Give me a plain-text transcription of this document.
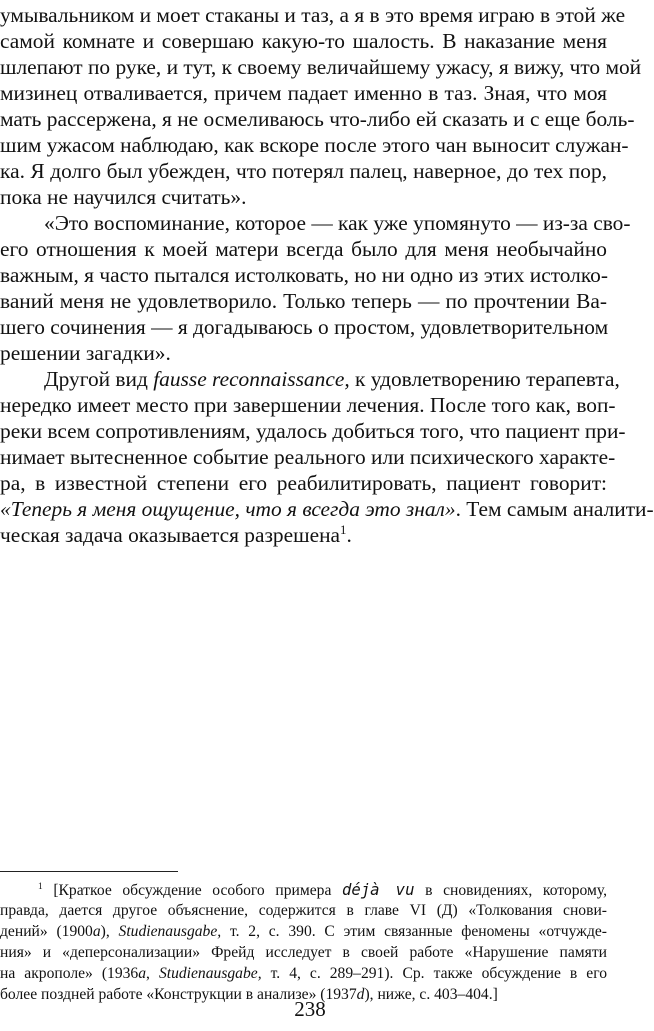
умывальником и моет стаканы и таз, а я в это время играю в этой же
самой комнате и совершаю какую-то шалость. В наказание меня
шлепают по руке, и тут, к своему величайшему ужасу, я вижу, что мой
мизинец отваливается, причем падает именно в таз. Зная, что моя
мать рассержена, я не осмеливаюсь что-либо ей сказать и с еще боль-
шим ужасом наблюдаю, как вскоре после этого чан выносит служан-
ка. Я долго был убежден, что потерял палец, наверное, до тех пор,
пока не научился считать».
«Это воспоминание, которое — как уже упомянуто — из-за сво-
его отношения к моей матери всегда было для меня необычайно
важным, я часто пытался истолковать, но ни одно из этих истолко-
ваний меня не удовлетворило. Только теперь — по прочтении Ва-
шего сочинения — я догадываюсь о простом, удовлетворительном
решении загадки».
Другой вид fausse reconnaissance, к удовлетворению терапевта,
нередко имеет место при завершении лечения. После того как, воп-
реки всем сопротивлениям, удалось добиться того, что пациент при-
нимает вытесненное событие реального или психического характе-
ра, в известной степени его реабилитировать, пациент говорит:
«Теперь я меня ощущение, что я всегда это знал». Тем самым аналити-
ческая задача оказывается разрешена$^1$.
$^1$ [Краткое обсуждение особого примера déjà vu в сновидениях, которому,
правда, дается другое объяснение, содержится в главе VI (Д) «Толкования снови-
дений» (1900a), Studienausgabe, т. 2, с. 390. С этим связанные феномены «отчужде-
ния» и «деперсонализации» Фрейд исследует в своей работе «Нарушение памяти
на акрополе» (1936a, Studienausgabe, т. 4, с. 289–291). Ср. также обсуждение в его
более поздней работе «Конструкции в анализе» (1937d), ниже, с. 403–404.]
238
